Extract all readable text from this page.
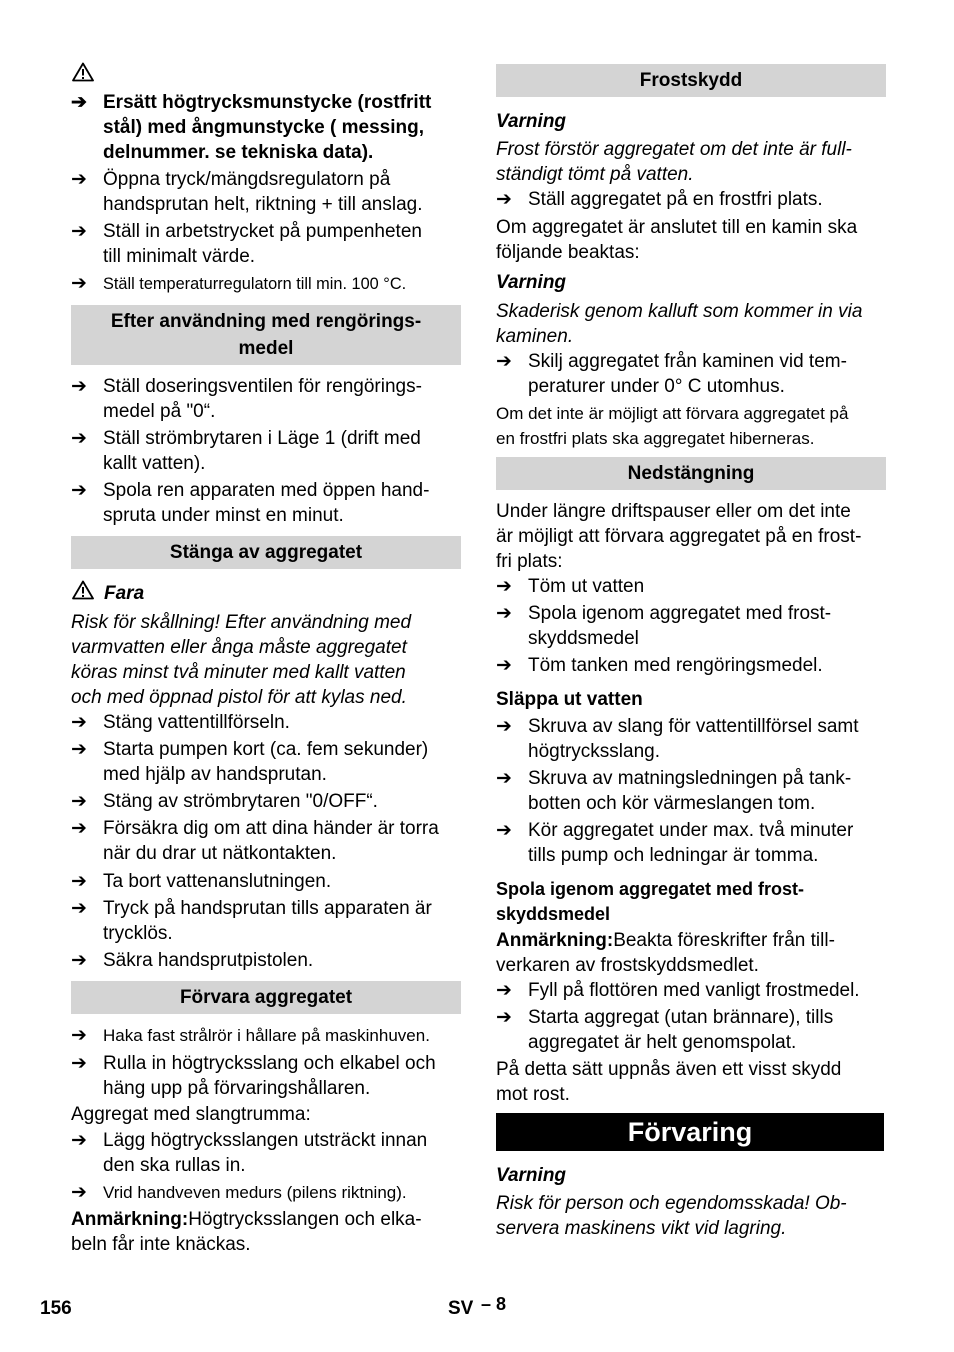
➔ Ersätt högtrycksmunstycke (rostfritt
stål) med ångmunstycke ( messing,
delnummer. se tekniska data).
➔ Öppna tryck/mängdsregulatorn på
handsprutan helt, riktning + till anslag.
➔ Ställ in arbetstrycket på pumpenheten
till minimalt värde.
➔ Ställ temperaturregulatorn till min. 100 °C.
Efter användning med rengörings-
medel
➔ Ställ doseringsventilen för rengörings-
medel på "0“.
➔ Ställ strömbrytaren i Läge 1 (drift med
kallt vatten).
➔ Spola ren apparaten med öppen hand-
spruta under minst en minut.
Stänga av aggregatet
Fara
Risk för skållning! Efter användning med
varmvatten eller ånga måste aggregatet
köras minst två minuter med kallt vatten
och med öppnad pistol för att kylas ned.
➔ Stäng vattentillförseln.
➔ Starta pumpen kort (ca. fem sekunder)
med hjälp av handsprutan.
➔ Stäng av strömbrytaren "0/OFF“.
➔ Försäkra dig om att dina händer är torra
när du drar ut nätkontakten.
➔ Ta bort vattenanslutningen.
➔ Tryck på handsprutan tills apparaten är
trycklös.
➔ Säkra handsprutpistolen.
Förvara aggregatet
➔ Haka fast strålrör i hållare på maskinhuven.
➔ Rulla in högtrycksslang och elkabel och
häng upp på förvaringshållaren.
Aggregat med slangtrumma:
➔ Lägg högtrycksslangen utsträckt innan
den ska rullas in.
➔ Vrid handveven medurs (pilens riktning).
Anmärkning:Högtrycksslangen och elka-
beln får inte knäckas.
Frostskydd
Varning
Frost förstör aggregatet om det inte är full-
ständigt tömt på vatten.
➔ Ställ aggregatet på en frostfri plats.
Om aggregatet är anslutet till en kamin ska
följande beaktas:
Varning
Skaderisk genom kalluft som kommer in via
kaminen.
➔ Skilj aggregatet från kaminen vid tem-
peraturer under 0° C utomhus.
Om det inte är möjligt att förvara aggregatet på
en frostfri plats ska aggregatet hiberneras.
Nedstängning
Under längre driftspauser eller om det inte
är möjligt att förvara aggregatet på en frost-
fri plats:
➔ Töm ut vatten
➔ Spola igenom aggregatet med frost-
skyddsmedel
➔ Töm tanken med rengöringsmedel.
Släppa ut vatten
➔ Skruva av slang för vattentillförsel samt
högtrycksslang.
➔ Skruva av matningsledningen på tank-
botten och kör värmeslangen tom.
➔ Kör aggregatet under max. två minuter
tills pump och ledningar är tomma.
Spola igenom aggregatet med frost-
skyddsmedel
Anmärkning:Beakta föreskrifter från till-
verkaren av frostskyddsmedlet.
➔ Fyll på flottören med vanligt frostmedel.
➔ Starta aggregat (utan brännare), tills
aggregatet är helt genomspolat.
På detta sätt uppnås även ett visst skydd
mot rost.
Förvaring
Varning
Risk för person och egendomsskada! Ob-
servera maskinens vikt vid lagring.
156	SV – 8
